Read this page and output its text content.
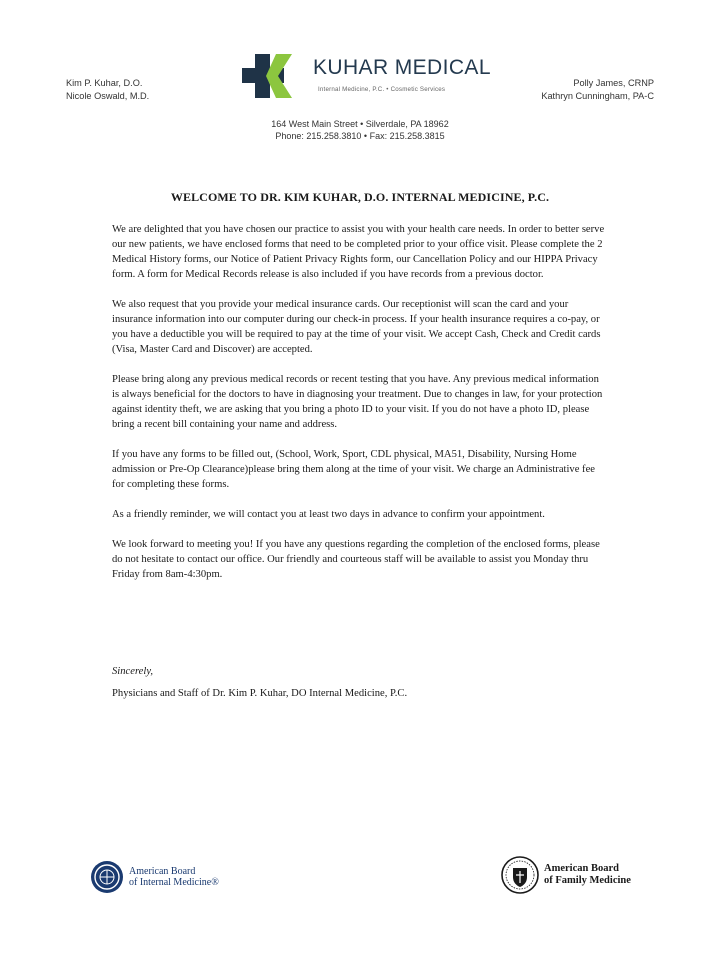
Kim P. Kuhar, D.O.
Nicole Oswald, M.D.
KUHAR MEDICAL
Internal Medicine, P.C. • Cosmetic Services
Polly James, CRNP
Kathryn Cunningham, PA-C
164 West Main Street • Silverdale, PA 18962
Phone: 215.258.3810 • Fax: 215.258.3815
WELCOME TO DR. KIM KUHAR, D.O. INTERNAL MEDICINE, P.C.

We are delighted that you have chosen our practice to assist you with your health care needs. In order to better serve our new patients, we have enclosed forms that need to be completed prior to your office visit. Please complete the 2 Medical History forms, our Notice of Patient Privacy Rights form, our Cancellation Policy and our HIPPA Privacy form. A form for Medical Records release is also included if you have records from a previous doctor.

We also request that you provide your medical insurance cards. Our receptionist will scan the card and your insurance information into our computer during our check-in process. If your health insurance requires a co-pay, or you have a deductible you will be required to pay at the time of your visit. We accept Cash, Check and Credit cards (Visa, Master Card and Discover) are accepted.

Please bring along any previous medical records or recent testing that you have. Any previous medical information is always beneficial for the doctors to have in diagnosing your treatment. Due to changes in law, for your protection against identity theft, we are asking that you bring a photo ID to your visit. If you do not have a photo ID, please bring a recent bill containing your name and address.

If you have any forms to be filled out, (School, Work, Sport, CDL physical, MA51, Disability, Nursing Home admission or Pre-Op Clearance)please bring them along at the time of your visit. We charge an Administrative fee for completing these forms.

As a friendly reminder, we will contact you at least two days in advance to confirm your appointment.

We look forward to meeting you! If you have any questions regarding the completion of the enclosed forms, please do not hesitate to contact our office. Our friendly and courteous staff will be available to assist you Monday thru Friday from 8am-4:30pm.

Sincerely,
Physicians and Staff of Dr. Kim P. Kuhar, DO Internal Medicine, P.C.
American Board
of Internal Medicine®
American Board
of Family Medicine
